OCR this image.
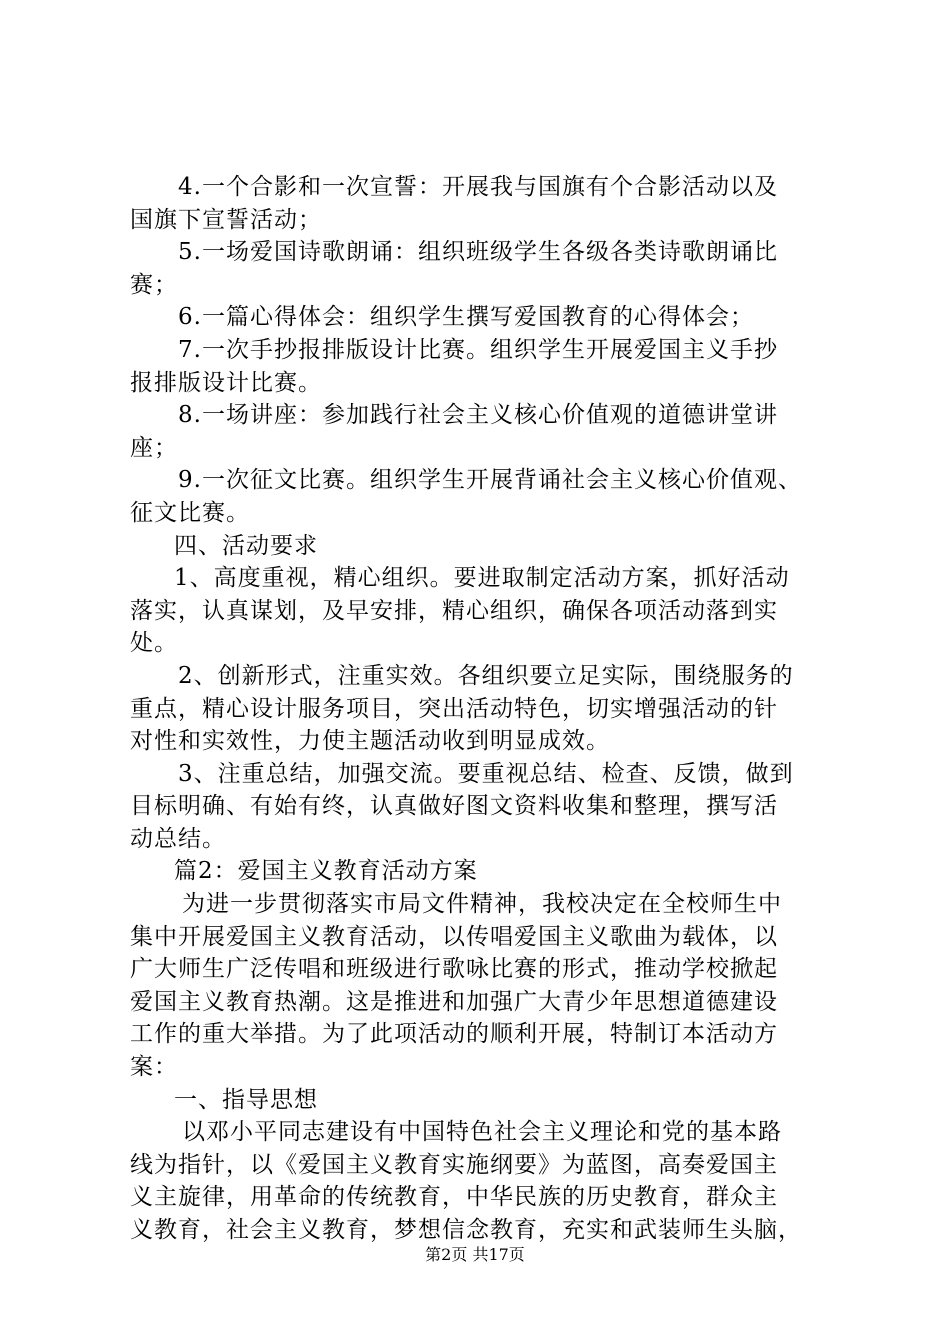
4.一个合影和一次宣誓：开展我与国旗有个合影活动以及

国旗下宣誓活动；

5.一场爱国诗歌朗诵：组织班级学生各级各类诗歌朗诵比

赛；

6.一篇心得体会：组织学生撰写爱国教育的心得体会；

7.一次手抄报排版设计比赛。组织学生开展爱国主义手抄

报排版设计比赛。

8.一场讲座：参加践行社会主义核心价值观的道德讲堂讲

座；

9.一次征文比赛。组织学生开展背诵社会主义核心价值观、

征文比赛。

四、活动要求

1、高度重视，精心组织。要进取制定活动方案，抓好活动

落实，认真谋划，及早安排，精心组织，确保各项活动落到实

处。

2、创新形式，注重实效。各组织要立足实际，围绕服务的

重点，精心设计服务项目，突出活动特色，切实增强活动的针

对性和实效性，力使主题活动收到明显成效。

3、注重总结，加强交流。要重视总结、检查、反馈，做到

目标明确、有始有终，认真做好图文资料收集和整理，撰写活

动总结。

篇2：爱国主义教育活动方案

为进一步贯彻落实市局文件精神，我校决定在全校师生中

集中开展爱国主义教育活动，以传唱爱国主义歌曲为载体，以

广大师生广泛传唱和班级进行歌咏比赛的形式，推动学校掀起

爱国主义教育热潮。这是推进和加强广大青少年思想道德建设

工作的重大举措。为了此项活动的顺利开展，特制订本活动方

案：

一、指导思想

以邓小平同志建设有中国特色社会主义理论和党的基本路

线为指针，以《爱国主义教育实施纲要》为蓝图，高奏爱国主

义主旋律，用革命的传统教育，中华民族的历史教育，群众主

义教育，社会主义教育，梦想信念教育，充实和武装师生头脑，

第2页 共17页
